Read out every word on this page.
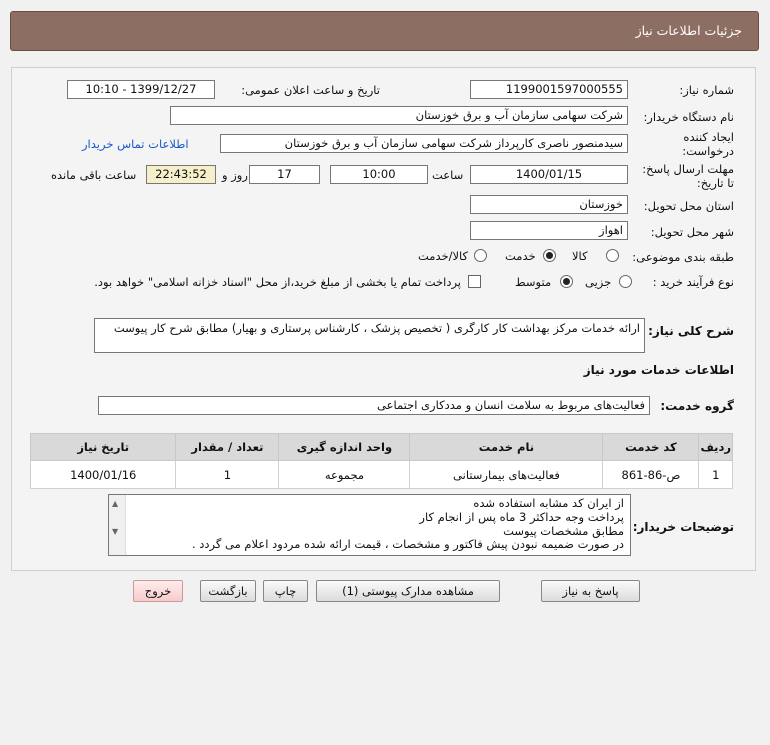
جزئیات اطلاعات نیاز
شماره نیاز:
1199001597000555
تاریخ و ساعت اعلان عمومی:
1399/12/27 - 10:10
نام دستگاه خریدار:
شرکت سهامی سازمان آب و برق خوزستان
ایجاد کننده درخواست:
سیدمنصور ناصری کارپرداز شرکت سهامی سازمان آب و برق خوزستان
اطلاعات تماس خریدار
مهلت ارسال پاسخ: تا تاریخ:
1400/01/15
ساعت
10:00
17
روز و
22:43:52
ساعت باقی مانده
استان محل تحویل:
خوزستان
شهر محل تحویل:
اهواز
طبقه بندی موضوعی:
کالا
خدمت
کالا/خدمت
نوع فرآیند خرید :
جزیی
متوسط
پرداخت تمام یا بخشی از مبلغ خرید،از محل "اسناد خزانه اسلامی" خواهد بود.
شرح کلی نیاز:
ارائه خدمات مرکز بهداشت کار کارگری ( تخصیص پزشک ، کارشناس پرستاری و بهیار) مطابق شرح کار پیوست
اطلاعات خدمات مورد نیاز
گروه خدمت:
فعالیت‌های مربوط به سلامت انسان و مددکاری اجتماعی
ردیف	کد خدمت	نام خدمت	واحد اندازه گیری	تعداد / مقدار	تاریخ نیاز
1	ص-86-861	فعالیت‌های بیمارستانی	مجموعه	1	1400/01/16
توضیحات خریدار:
از ایران کد مشابه استفاده شده
پرداخت وجه حداکثر 3 ماه پس از انجام کار
مطابق مشخصات پیوست
در صورت ضمیمه نبودن پیش فاکتور و مشخصات ، قیمت ارائه شده مردود اعلام می گردد .
▲
▼
پاسخ به نیاز
مشاهده مدارک پیوستی (1)
چاپ
بازگشت
خروج
